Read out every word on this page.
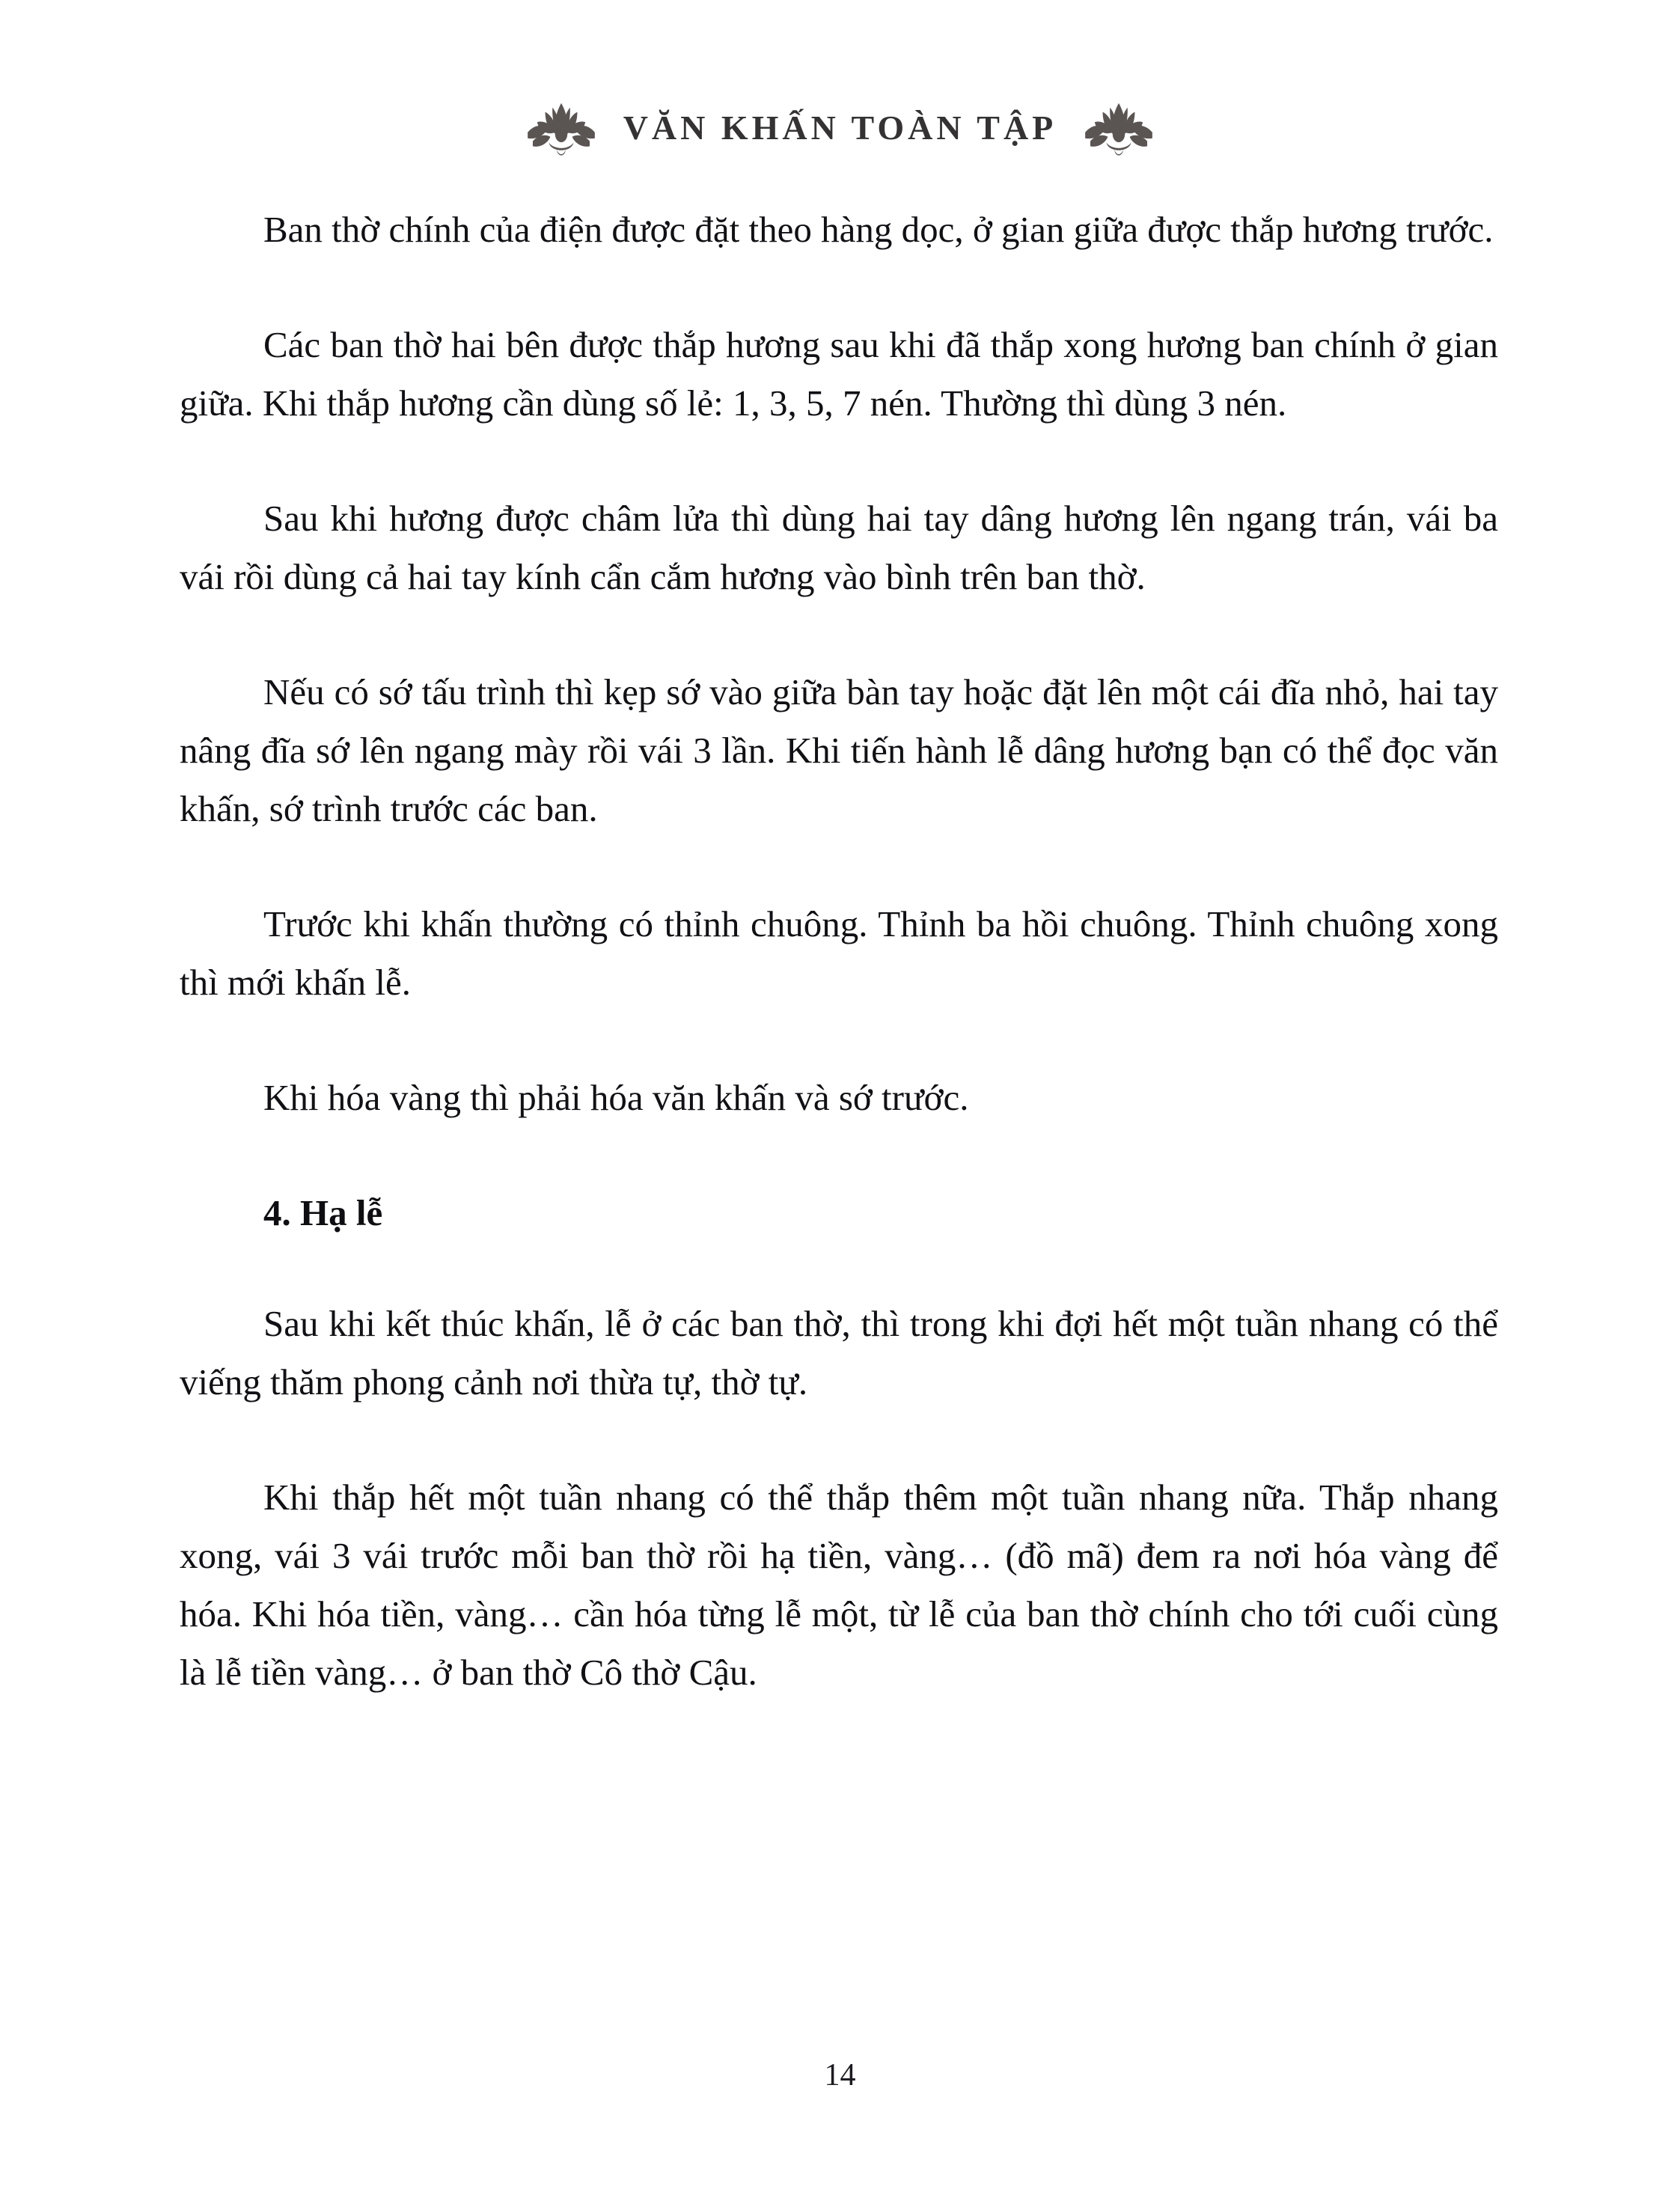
VĂN KHẤN TOÀN TẬP

Ban thờ chính của điện được đặt theo hàng dọc, ở gian giữa được thắp hương trước.

Các ban thờ hai bên được thắp hương sau khi đã thắp xong hương ban chính ở gian giữa. Khi thắp hương cần dùng số lẻ: 1, 3, 5, 7 nén. Thường thì dùng 3 nén.

Sau khi hương được châm lửa thì dùng hai tay dâng hương lên ngang trán, vái ba vái rồi dùng cả hai tay kính cẩn cắm hương vào bình trên ban thờ.

Nếu có sớ tấu trình thì kẹp sớ vào giữa bàn tay hoặc đặt lên một cái đĩa nhỏ, hai tay nâng đĩa sớ lên ngang mày rồi vái 3 lần. Khi tiến hành lễ dâng hương bạn có thể đọc văn khấn, sớ trình trước các ban.

Trước khi khấn thường có thỉnh chuông. Thỉnh ba hồi chuông. Thỉnh chuông xong thì mới khấn lễ.

Khi hóa vàng thì phải hóa văn khấn và sớ trước.

4. Hạ lễ

Sau khi kết thúc khấn, lễ ở các ban thờ, thì trong khi đợi hết một tuần nhang có thể viếng thăm phong cảnh nơi thừa tự, thờ tự.

Khi thắp hết một tuần nhang có thể thắp thêm một tuần nhang nữa. Thắp nhang xong, vái 3 vái trước mỗi ban thờ rồi hạ tiền, vàng… (đồ mã) đem ra nơi hóa vàng để hóa. Khi hóa tiền, vàng… cần hóa từng lễ một, từ lễ của ban thờ chính cho tới cuối cùng là lễ tiền vàng… ở ban thờ Cô thờ Cậu.

14
